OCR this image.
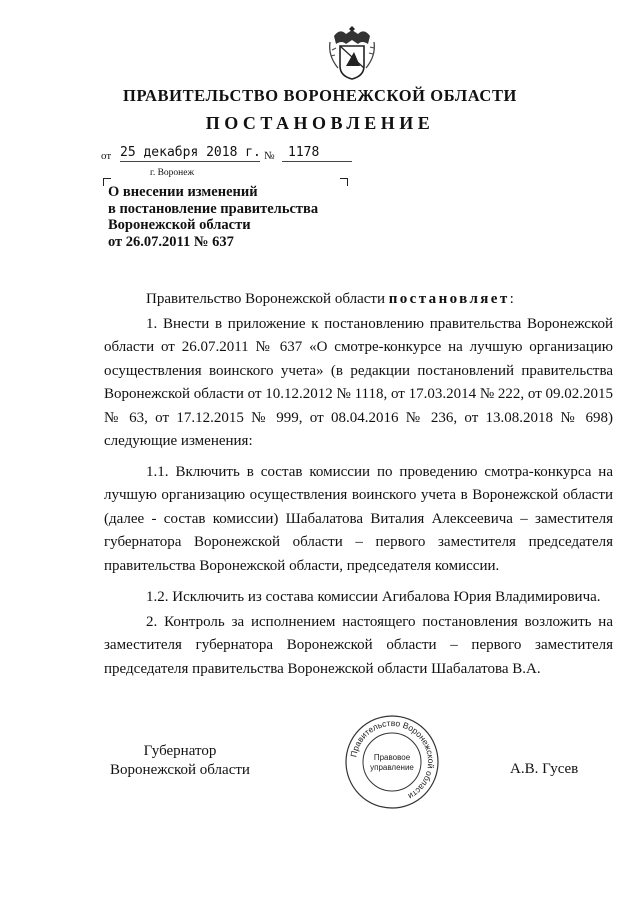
ПРАВИТЕЛЬСТВО ВОРОНЕЖСКОЙ ОБЛАСТИ
ПОСТАНОВЛЕНИЕ
от 25 декабря 2018 г. №	1178
г. Воронеж
О внесении изменений
в постановление правительства
Воронежской области
от 26.07.2011 № 637

Правительство Воронежской области постановляет:

1. Внести в приложение к постановлению правительства Воронежской области от 26.07.2011 № 637 «О смотре-конкурсе на лучшую организацию осуществления воинского учета» (в редакции постановлений правительства Воронежской области от 10.12.2012 № 1118, от 17.03.2014 № 222, от 09.02.2015 № 63, от 17.12.2015 № 999, от 08.04.2016 № 236, от 13.08.2018 № 698) следующие изменения:

1.1. Включить в состав комиссии по проведению смотра-конкурса на лучшую организацию осуществления воинского учета в Воронежской области (далее - состав комиссии) Шабалатова Виталия Алексеевича – заместителя губернатора Воронежской области – первого заместителя председателя правительства Воронежской области, председателя комиссии.

1.2. Исключить из состава комиссии Агибалова Юрия Владимировича.

2. Контроль за исполнением настоящего постановления возложить на заместителя губернатора Воронежской области – первого заместителя председателя правительства Воронежской области Шабалатова В.А.

Губернатор
Воронежской области
Правительство Воронежской области
Правовое
управление	А.В. Гусев
